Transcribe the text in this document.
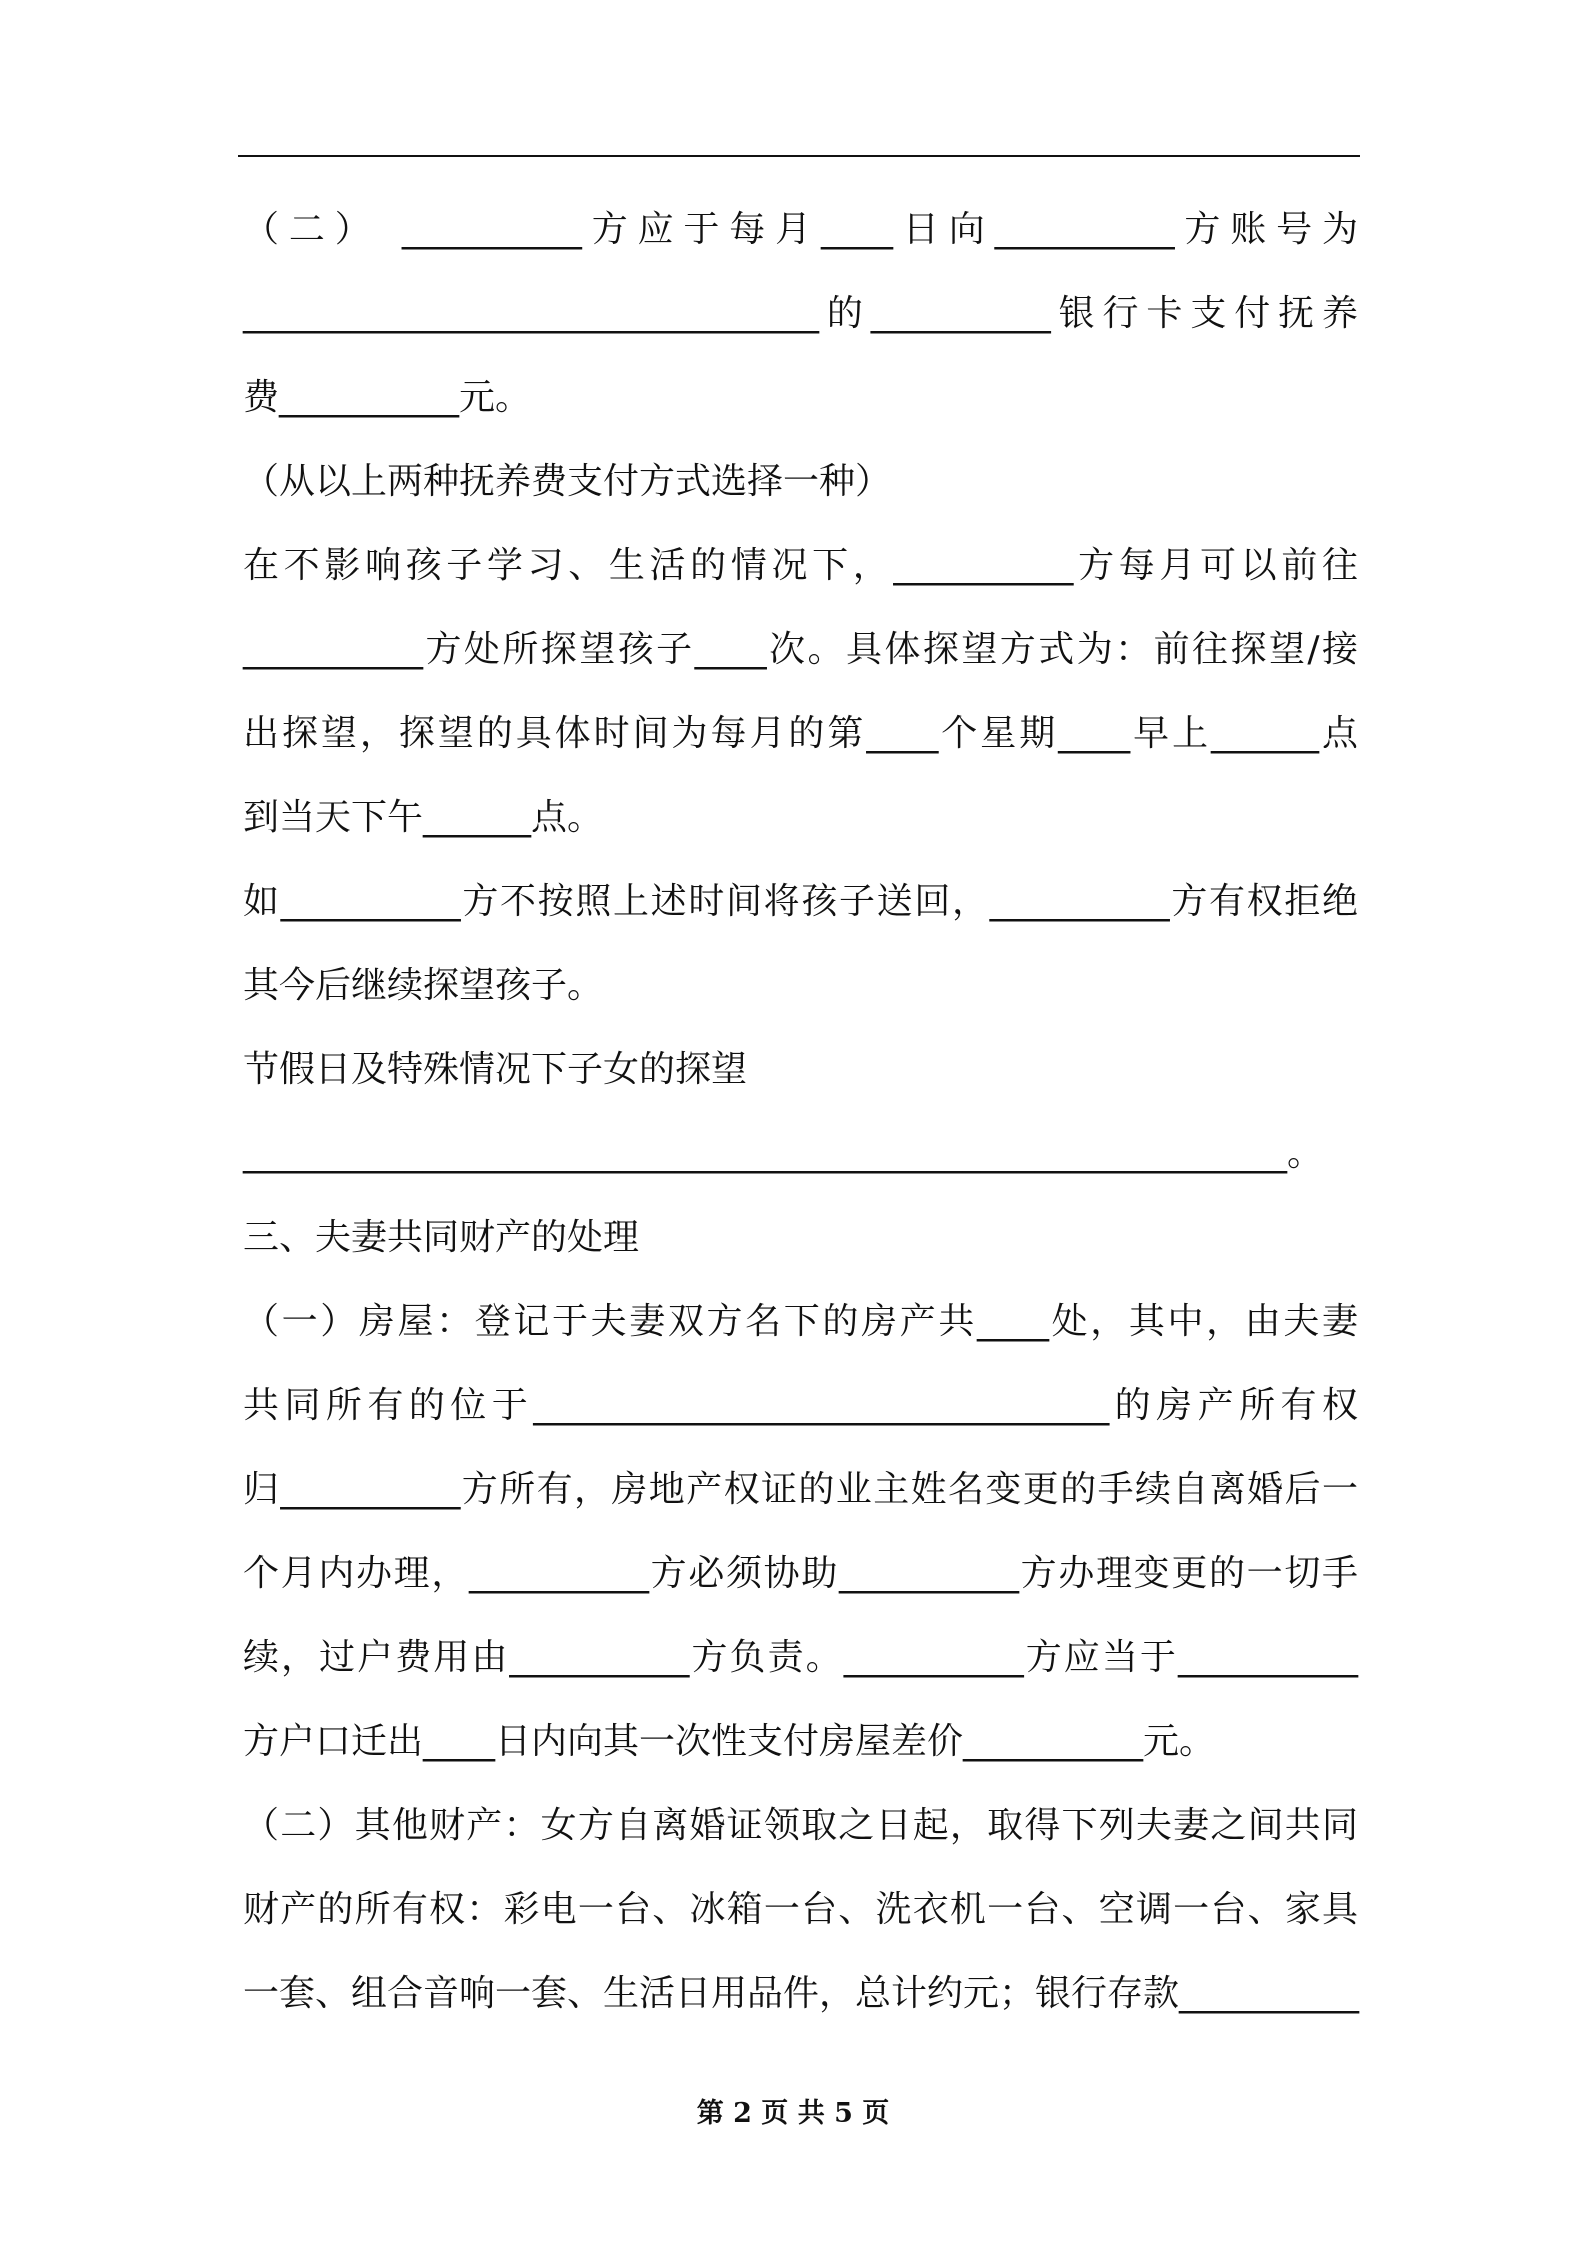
（二） __________方应于每月____日向__________方账号为
________________________________的__________银行卡支付抚养
费__________元。
（从以上两种抚养费支付方式选择一种）
在不影响孩子学习、生活的情况下，__________方每月可以前往
__________方处所探望孩子____次。具体探望方式为：前往探望/接
出探望，探望的具体时间为每月的第____个星期____早上______点
到当天下午______点。
如__________方不按照上述时间将孩子送回，__________方有权拒绝
其今后继续探望孩子。
节假日及特殊情况下子女的探望
__________________________________________________________。
三、夫妻共同财产的处理
（一）房屋：登记于夫妻双方名下的房产共____处，其中，由夫妻
共同所有的位于________________________________的房产所有权
归__________方所有，房地产权证的业主姓名变更的手续自离婚后一
个月内办理，__________方必须协助__________方办理变更的一切手
续，过户费用由__________方负责。__________方应当于__________
方户口迁出____日内向其一次性支付房屋差价__________元。
（二）其他财产：女方自离婚证领取之日起，取得下列夫妻之间共同
财产的所有权：彩电一台、冰箱一台、洗衣机一台、空调一台、家具
一套、组合音响一套、生活日用品件，总计约元；银行存款__________
第 2 页 共 5 页
